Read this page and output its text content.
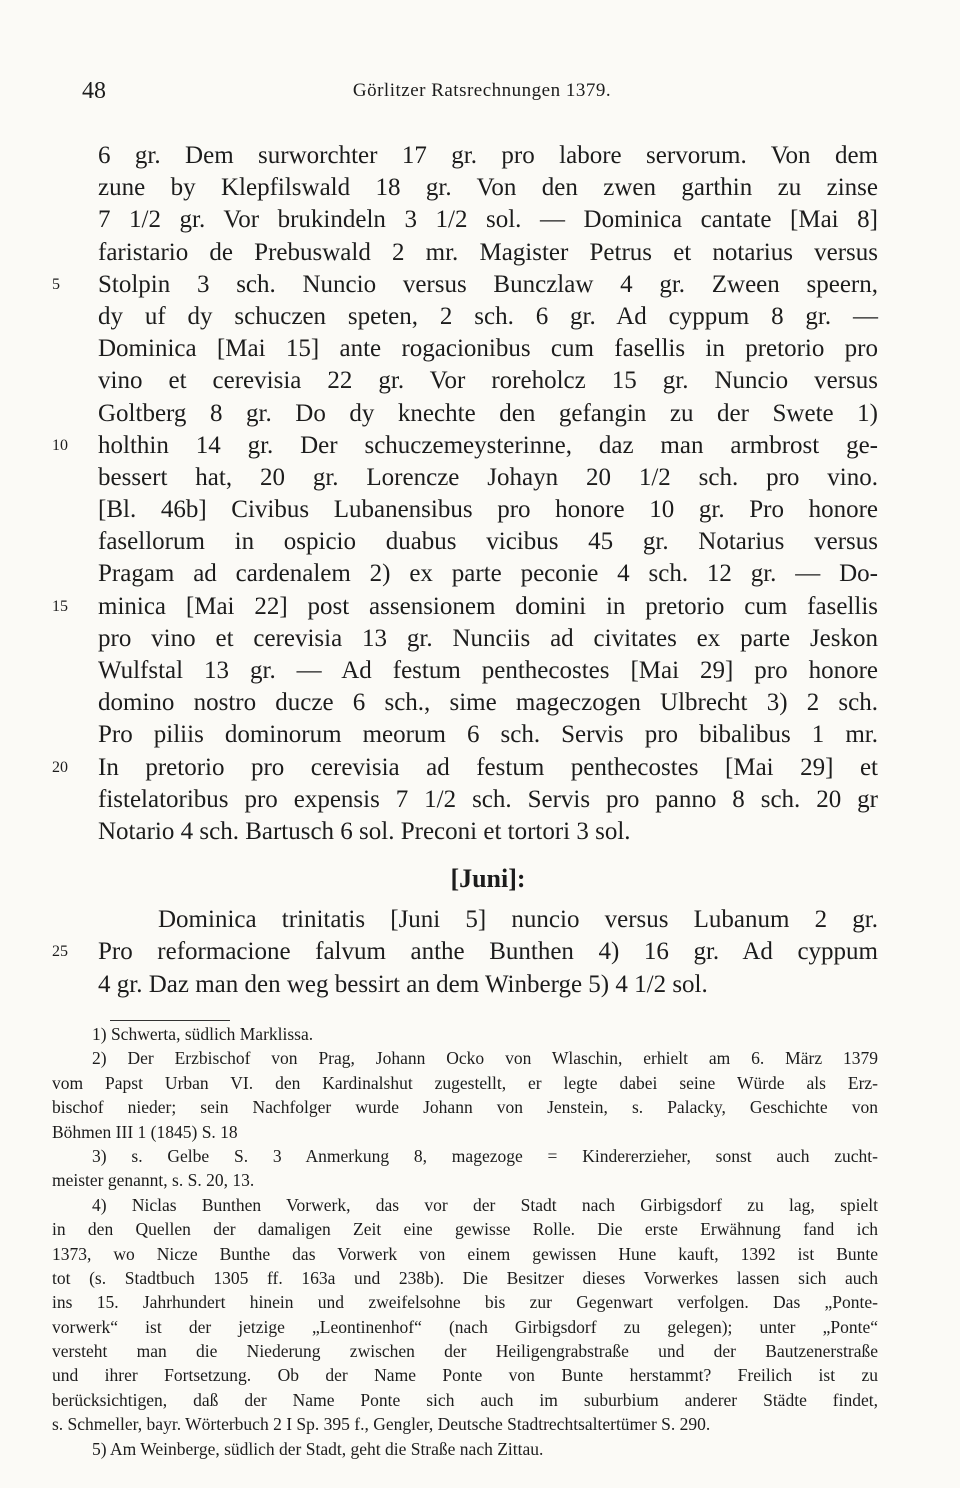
48	Görlitzer Ratsrechnungen 1379.
6 gr. Dem surworchter 17 gr. pro labore servorum. Von dem
zune by Klepfilswald 18 gr. Von den zwen garthin zu zinse
7 1/2 gr. Vor brukindeln 3 1/2 sol. — Dominica cantate [Mai 8]
faristario de Prebuswald 2 mr. Magister Petrus et notarius versus
5	Stolpin 3 sch. Nuncio versus Bunczlaw 4 gr. Zween speern,
dy uf dy schuczen speten, 2 sch. 6 gr. Ad cyppum 8 gr. —
Dominica [Mai 15] ante rogacionibus cum fasellis in pretorio pro
vino et cerevisia 22 gr. Vor roreholcz 15 gr. Nuncio versus
Goltberg 8 gr. Do dy knechte den gefangin zu der Swete 1)
10	holthin 14 gr. Der schuczemeysterinne, daz man armbrost ge-
bessert hat, 20 gr. Lorencze Johayn 20 1/2 sch. pro vino.
[Bl. 46b] Civibus Lubanensibus pro honore 10 gr. Pro honore
fasellorum in ospicio duabus vicibus 45 gr. Notarius versus
Pragam ad cardenalem 2) ex parte peconie 4 sch. 12 gr. — Do-
15	minica [Mai 22] post assensionem domini in pretorio cum fasellis
pro vino et cerevisia 13 gr. Nunciis ad civitates ex parte Jeskon
Wulfstal 13 gr. — Ad festum penthecostes [Mai 29] pro honore
domino nostro ducze 6 sch., sime mageczogen Ulbrecht 3) 2 sch.
Pro piliis dominorum meorum 6 sch. Servis pro bibalibus 1 mr.
20	In pretorio pro cerevisia ad festum penthecostes [Mai 29] et
fistelatoribus pro expensis 7 1/2 sch. Servis pro panno 8 sch. 20 gr
Notario 4 sch. Bartusch 6 sol. Preconi et tortori 3 sol.
[Juni]:
Dominica trinitatis [Juni 5] nuncio versus Lubanum 2 gr.
25	Pro reformacione falvum anthe Bunthen 4) 16 gr. Ad cyppum
4 gr. Daz man den weg bessirt an dem Winberge 5) 4 1/2 sol.
1) Schwerta, südlich Marklissa.
2) Der Erzbischof von Prag, Johann Ocko von Wlaschin, erhielt am 6. März 1379
vom Papst Urban VI. den Kardinalshut zugestellt, er legte dabei seine Würde als Erz-
bischof nieder; sein Nachfolger wurde Johann von Jenstein, s. Palacky, Geschichte von
Böhmen III 1 (1845) S. 18
3) s. Gelbe S. 3 Anmerkung 8, magezoge = Kindererzieher, sonst auch zucht-
meister genannt, s. S. 20, 13.
4) Niclas Bunthen Vorwerk, das vor der Stadt nach Girbigsdorf zu lag, spielt
in den Quellen der damaligen Zeit eine gewisse Rolle. Die erste Erwähnung fand ich
1373, wo Nicze Bunthe das Vorwerk von einem gewissen Hune kauft, 1392 ist Bunte
tot (s. Stadtbuch 1305 ff. 163a und 238b). Die Besitzer dieses Vorwerkes lassen sich auch
ins 15. Jahrhundert hinein und zweifelsohne bis zur Gegenwart verfolgen. Das „Ponte-
vorwerk“ ist der jetzige „Leontinenhof“ (nach Girbigsdorf zu gelegen); unter „Ponte“
versteht man die Niederung zwischen der Heiligengrabstraße und der Bautzenerstraße
und ihrer Fortsetzung. Ob der Name Ponte von Bunte herstammt? Freilich ist zu
berücksichtigen, daß der Name Ponte sich auch im suburbium anderer Städte findet,
s. Schmeller, bayr. Wörterbuch 2 I Sp. 395 f., Gengler, Deutsche Stadtrechtsaltertümer S. 290.
5) Am Weinberge, südlich der Stadt, geht die Straße nach Zittau.
